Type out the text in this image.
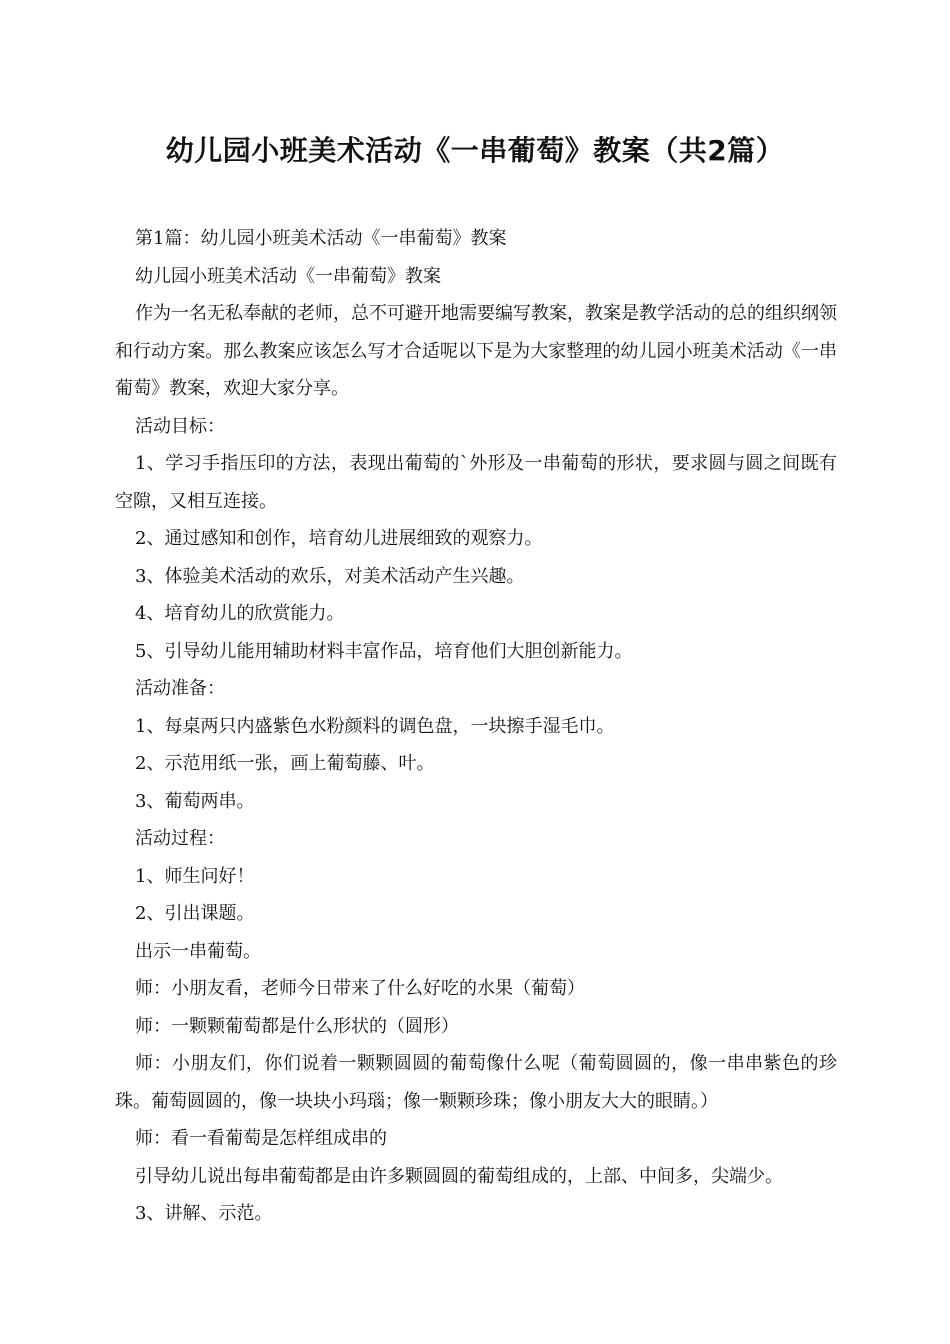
幼儿园小班美术活动《一串葡萄》教案（共2篇）

第1篇：幼儿园小班美术活动《一串葡萄》教案

幼儿园小班美术活动《一串葡萄》教案

作为一名无私奉献的老师，总不可避开地需要编写教案，教案是教学活动的总的组织纲领和行动方案。那么教案应该怎么写才合适呢以下是为大家整理的幼儿园小班美术活动《一串葡萄》教案，欢迎大家分享。

活动目标：

1、学习手指压印的方法，表现出葡萄的`外形及一串葡萄的形状，要求圆与圆之间既有空隙，又相互连接。

2、通过感知和创作，培育幼儿进展细致的观察力。

3、体验美术活动的欢乐，对美术活动产生兴趣。

4、培育幼儿的欣赏能力。

5、引导幼儿能用辅助材料丰富作品，培育他们大胆创新能力。

活动准备：

1、每桌两只内盛紫色水粉颜料的调色盘，一块擦手湿毛巾。

2、示范用纸一张，画上葡萄藤、叶。

3、葡萄两串。

活动过程：

1、师生问好！

2、引出课题。

出示一串葡萄。

师：小朋友看，老师今日带来了什么好吃的水果（葡萄）

师：一颗颗葡萄都是什么形状的（圆形）

师：小朋友们，你们说着一颗颗圆圆的葡萄像什么呢（葡萄圆圆的，像一串串紫色的珍珠。葡萄圆圆的，像一块块小玛瑙；像一颗颗珍珠；像小朋友大大的眼睛。）

师：看一看葡萄是怎样组成串的

引导幼儿说出每串葡萄都是由许多颗圆圆的葡萄组成的，上部、中间多，尖端少。

3、讲解、示范。
